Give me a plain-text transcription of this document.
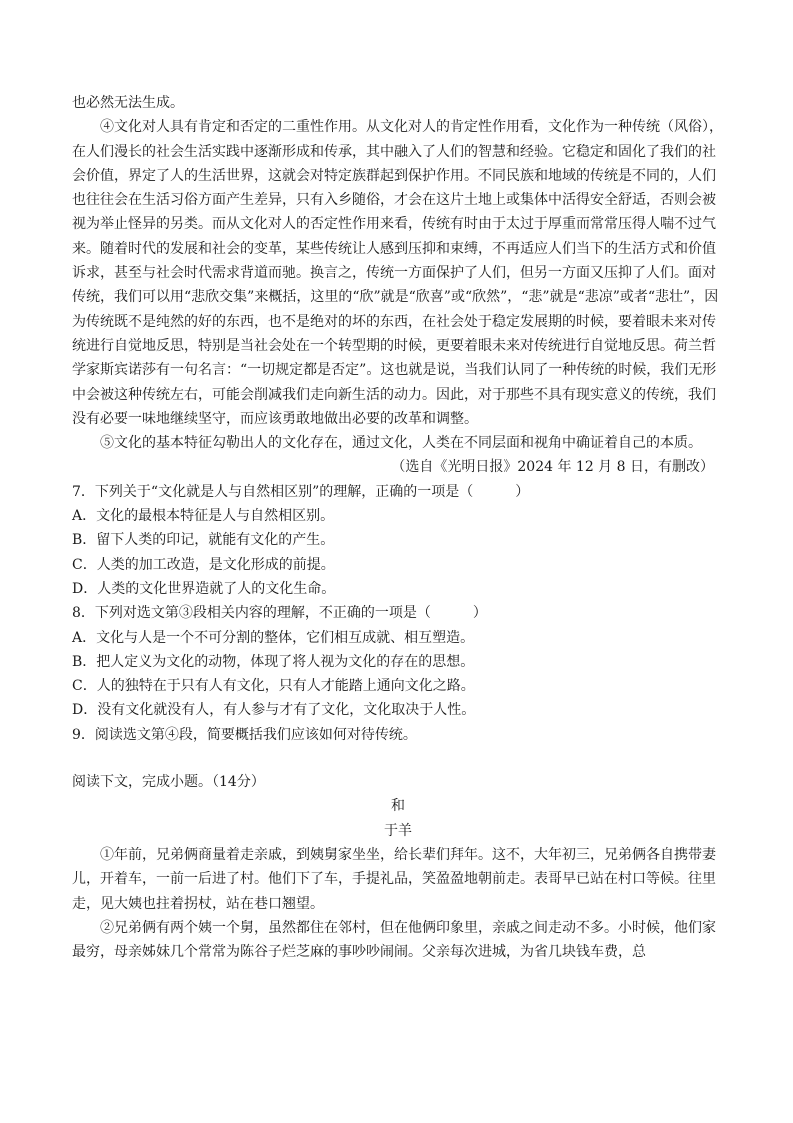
也必然无法生成。

④文化对人具有肯定和否定的二重性作用。从文化对人的肯定性作用看，文化作为一种传统（风俗），在人们漫长的社会生活实践中逐渐形成和传承，其中融入了人们的智慧和经验。它稳定和固化了我们的社会价值，界定了人的生活世界，这就会对特定族群起到保护作用。不同民族和地域的传统是不同的，人们也往往会在生活习俗方面产生差异，只有入乡随俗，才会在这片土地上或集体中活得安全舒适，否则会被视为举止怪异的另类。而从文化对人的否定性作用来看，传统有时由于太过于厚重而常常压得人喘不过气来。随着时代的发展和社会的变革，某些传统让人感到压抑和束缚，不再适应人们当下的生活方式和价值诉求，甚至与社会时代需求背道而驰。换言之，传统一方面保护了人们，但另一方面又压抑了人们。面对传统，我们可以用“悲欣交集”来概括，这里的“欣”就是“欣喜”或“欣然”，“悲”就是“悲凉”或者“悲壮”，因为传统既不是纯然的好的东西，也不是绝对的坏的东西，在社会处于稳定发展期的时候，要着眼未来对传统进行自觉地反思，特别是当社会处在一个转型期的时候，更要着眼未来对传统进行自觉地反思。荷兰哲学家斯宾诺莎有一句名言：“一切规定都是否定”。这也就是说，当我们认同了一种传统的时候，我们无形中会被这种传统左右，可能会削减我们走向新生活的动力。因此，对于那些不具有现实意义的传统，我们没有必要一味地继续坚守，而应该勇敢地做出必要的改革和调整。

⑤文化的基本特征勾勒出人的文化存在，通过文化，人类在不同层面和视角中确证着自己的本质。

（选自《光明日报》2024 年 12 月 8 日，有删改）

7．下列关于“文化就是人与自然相区别”的理解，正确的一项是（　　　）

A．文化的最根本特征是人与自然相区别。

B．留下人类的印记，就能有文化的产生。

C．人类的加工改造，是文化形成的前提。

D．人类的文化世界造就了人的文化生命。

8．下列对选文第③段相关内容的理解，不正确的一项是（　　　）

A．文化与人是一个不可分割的整体，它们相互成就、相互塑造。

B．把人定义为文化的动物，体现了将人视为文化的存在的思想。

C．人的独特在于只有人有文化，只有人才能踏上通向文化之路。

D．没有文化就没有人，有人参与才有了文化，文化取决于人性。

9．阅读选文第④段，简要概括我们应该如何对待传统。

阅读下文，完成小题。（14分）

和

于羊

①年前，兄弟俩商量着走亲戚，到姨舅家坐坐，给长辈们拜年。这不，大年初三，兄弟俩各自携带妻儿，开着车，一前一后进了村。他们下了车，手提礼品，笑盈盈地朝前走。表哥早已站在村口等候。往里走，见大姨也拄着拐杖，站在巷口翘望。

②兄弟俩有两个姨一个舅，虽然都住在邻村，但在他俩印象里，亲戚之间走动不多。小时候，他们家最穷，母亲姊妹几个常常为陈谷子烂芝麻的事吵吵闹闹。父亲每次进城，为省几块钱车费，总
